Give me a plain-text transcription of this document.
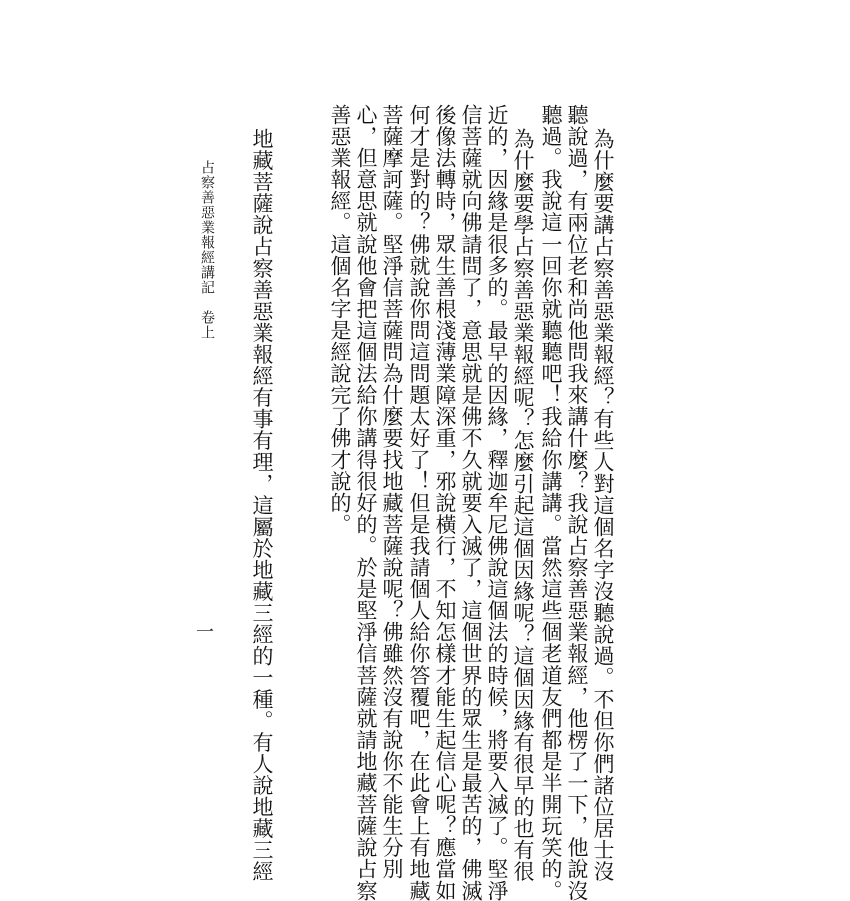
為什麼要講占察善惡業報經？有些人對這個名字沒聽說過。不但你們諸位居士沒
聽說過，有兩位老和尚他問我來講什麼？我說占察善惡業報經，他楞了一下，他說沒
聽過。我說這一回你就聽聽吧！我給你講講。當然這些個老道友們都是半開玩笑的。
為什麼要學占察善惡業報經呢？怎麼引起這個因緣呢？這個因緣有很早的也有很
近的，因緣是很多的。最早的因緣，釋迦牟尼佛說這個法的時候，將要入滅了。堅淨
信菩薩就向佛請問了，意思就是佛不久就要入滅了，這個世界的眾生是最苦的，佛滅
後像法轉時，眾生善根淺薄業障深重，邪說橫行，不知怎樣才能生起信心呢？應當如
何才是對的？佛就說你問這問題太好了！但是我請個人給你答覆吧，在此會上有地藏
菩薩摩訶薩。堅淨信菩薩問為什麼要找地藏菩薩說呢？佛雖然沒有說你不能生分別
心，但意思就說他會把這個法給你講得很好的。於是堅淨信菩薩就請地藏菩薩說占察
善惡業報經。這個名字是經說完了佛才說的。
地藏菩薩說占察善惡業報經有事有理，這屬於地藏三經的一種。有人說地藏三經
占察善惡業報經講記　卷上
一
